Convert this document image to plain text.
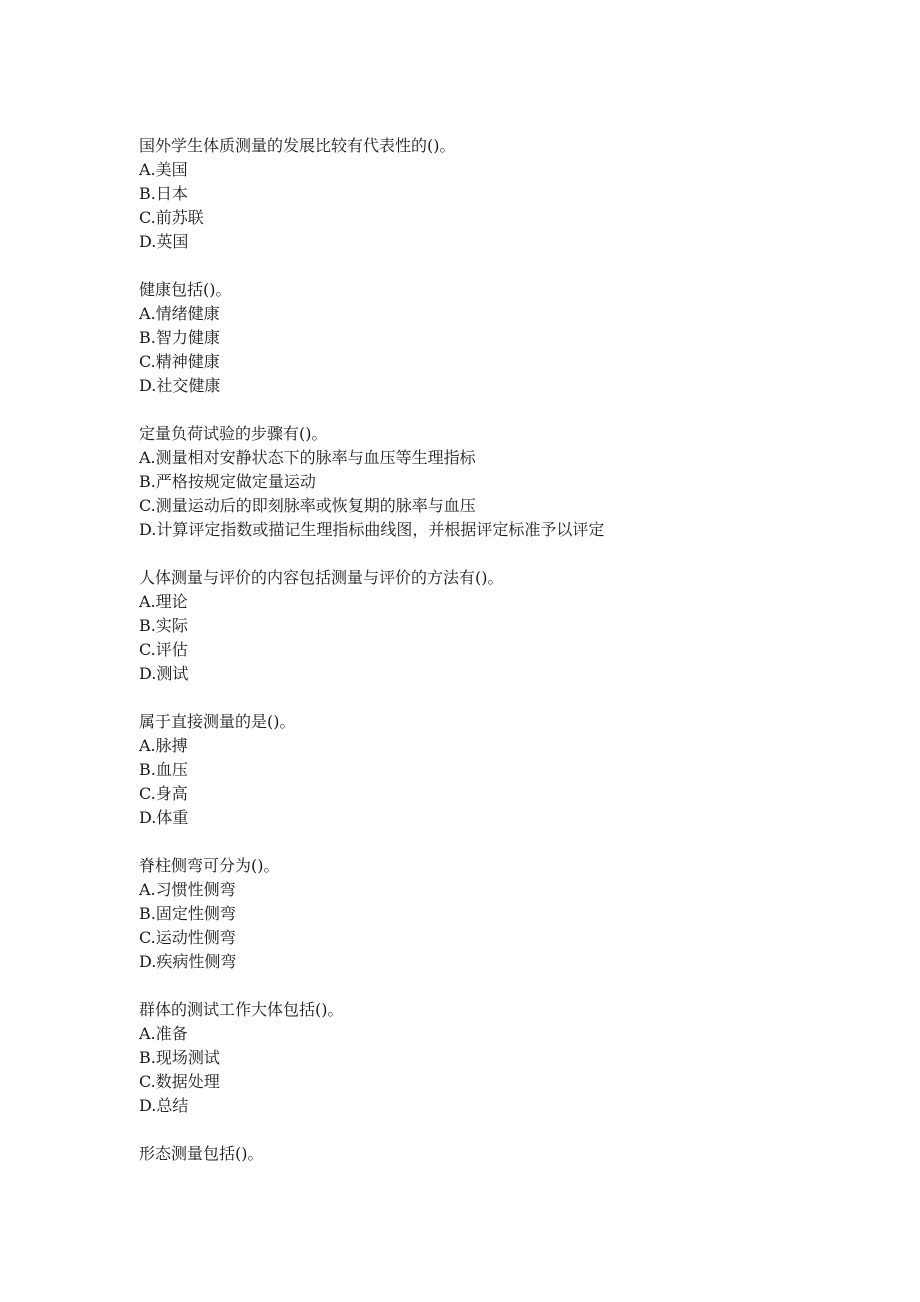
国外学生体质测量的发展比较有代表性的()。
A.美国
B.日本
C.前苏联
D.英国
健康包括()。
A.情绪健康
B.智力健康
C.精神健康
D.社交健康
定量负荷试验的步骤有()。
A.测量相对安静状态下的脉率与血压等生理指标
B.严格按规定做定量运动
C.测量运动后的即刻脉率或恢复期的脉率与血压
D.计算评定指数或描记生理指标曲线图，并根据评定标准予以评定
人体测量与评价的内容包括测量与评价的方法有()。
A.理论
B.实际
C.评估
D.测试
属于直接测量的是()。
A.脉搏
B.血压
C.身高
D.体重
脊柱侧弯可分为()。
A.习惯性侧弯
B.固定性侧弯
C.运动性侧弯
D.疾病性侧弯
群体的测试工作大体包括()。
A.准备
B.现场测试
C.数据处理
D.总结
形态测量包括()。
